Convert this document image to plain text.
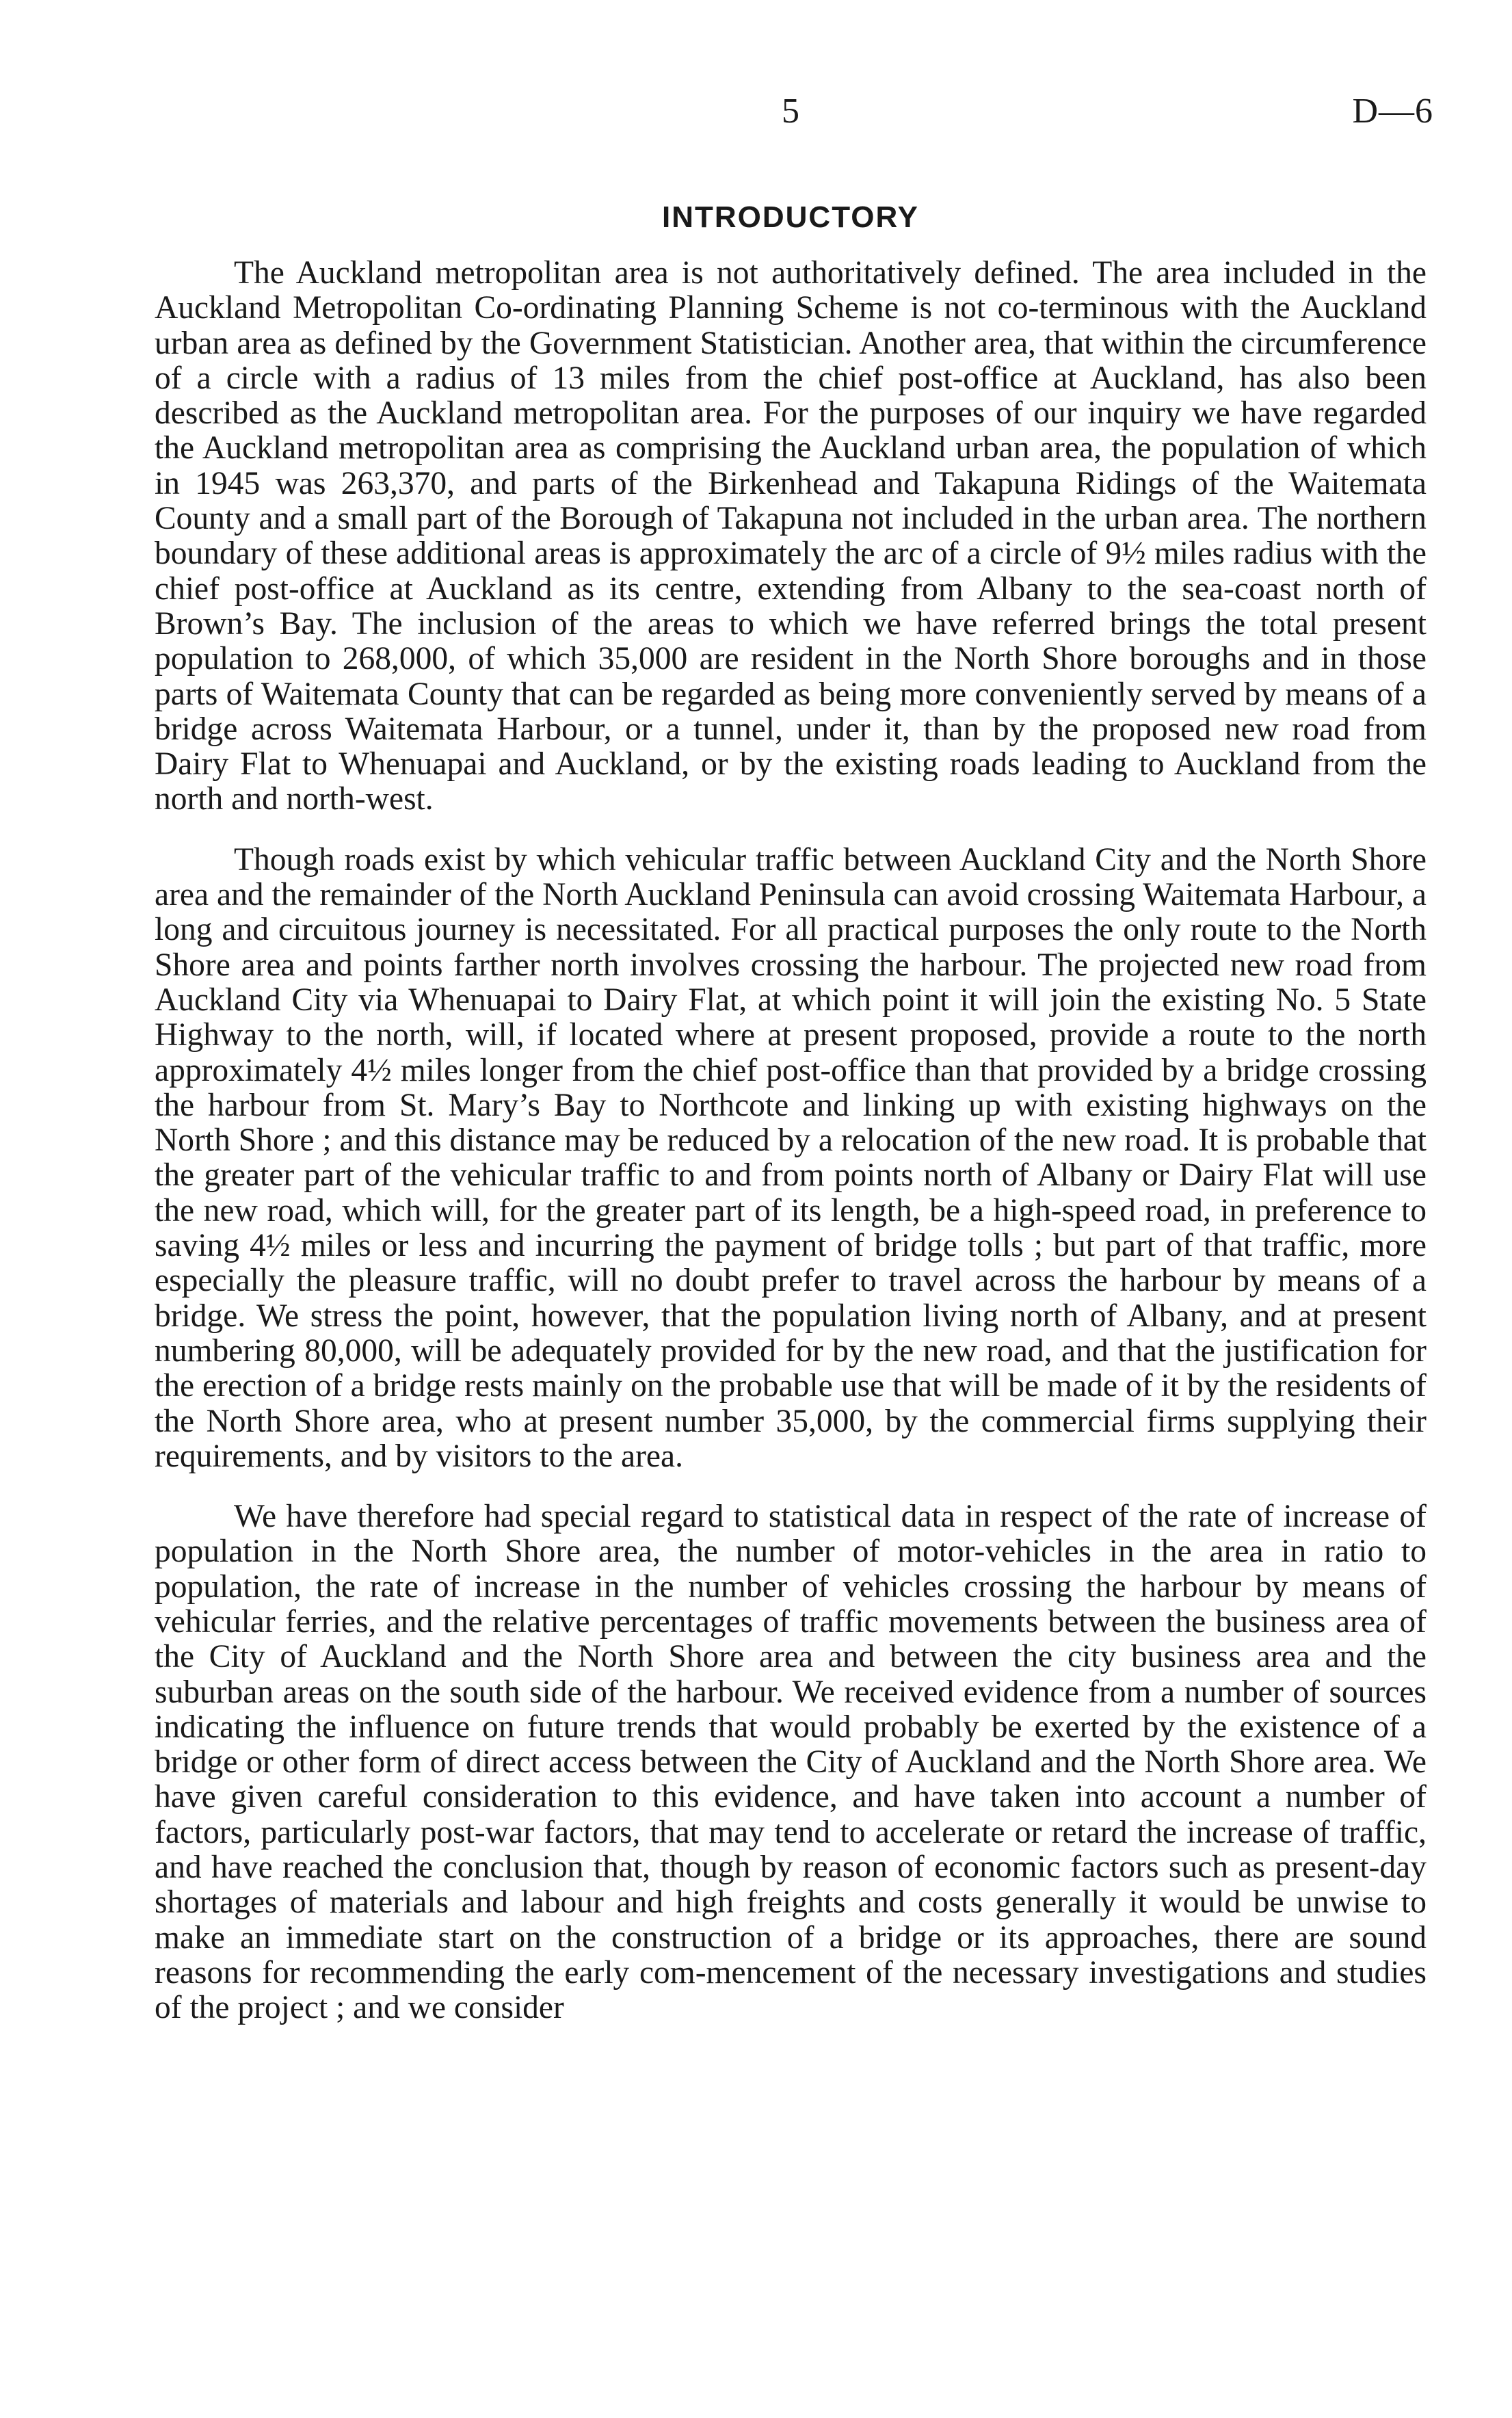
5	D—6
INTRODUCTORY

The Auckland metropolitan area is not authoritatively defined. The area included in the Auckland Metropolitan Co-ordinating Planning Scheme is not co-terminous with the Auckland urban area as defined by the Government Statistician. Another area, that within the circumference of a circle with a radius of 13 miles from the chief post-office at Auckland, has also been described as the Auckland metropolitan area. For the purposes of our inquiry we have regarded the Auckland metropolitan area as comprising the Auckland urban area, the population of which in 1945 was 263,370, and parts of the Birkenhead and Takapuna Ridings of the Waitemata County and a small part of the Borough of Takapuna not included in the urban area. The northern boundary of these additional areas is approximately the arc of a circle of 9½ miles radius with the chief post-office at Auckland as its centre, extending from Albany to the sea-coast north of Brown’s Bay. The inclusion of the areas to which we have referred brings the total present population to 268,000, of which 35,000 are resident in the North Shore boroughs and in those parts of Waitemata County that can be regarded as being more conveniently served by means of a bridge across Waitemata Harbour, or a tunnel, under it, than by the proposed new road from Dairy Flat to Whenuapai and Auckland, or by the existing roads leading to Auckland from the north and north-west.

Though roads exist by which vehicular traffic between Auckland City and the North Shore area and the remainder of the North Auckland Peninsula can avoid crossing Waitemata Harbour, a long and circuitous journey is necessitated. For all practical purposes the only route to the North Shore area and points farther north involves crossing the harbour. The projected new road from Auckland City via Whenuapai to Dairy Flat, at which point it will join the existing No. 5 State Highway to the north, will, if located where at present proposed, provide a route to the north approximately 4½ miles longer from the chief post-office than that provided by a bridge crossing the harbour from St. Mary’s Bay to Northcote and linking up with existing highways on the North Shore ; and this distance may be reduced by a relocation of the new road. It is probable that the greater part of the vehicular traffic to and from points north of Albany or Dairy Flat will use the new road, which will, for the greater part of its length, be a high-speed road, in preference to saving 4½ miles or less and incurring the payment of bridge tolls ; but part of that traffic, more especially the pleasure traffic, will no doubt prefer to travel across the harbour by means of a bridge. We stress the point, however, that the population living north of Albany, and at present numbering 80,000, will be adequately provided for by the new road, and that the justification for the erection of a bridge rests mainly on the probable use that will be made of it by the residents of the North Shore area, who at present number 35,000, by the commercial firms supplying their requirements, and by visitors to the area.

We have therefore had special regard to statistical data in respect of the rate of increase of population in the North Shore area, the number of motor-vehicles in the area in ratio to population, the rate of increase in the number of vehicles crossing the harbour by means of vehicular ferries, and the relative percentages of traffic movements between the business area of the City of Auckland and the North Shore area and between the city business area and the suburban areas on the south side of the harbour. We received evidence from a number of sources indicating the influence on future trends that would probably be exerted by the existence of a bridge or other form of direct access between the City of Auckland and the North Shore area. We have given careful consideration to this evidence, and have taken into account a number of factors, particularly post-war factors, that may tend to accelerate or retard the increase of traffic, and have reached the conclusion that, though by reason of economic factors such as present-day shortages of materials and labour and high freights and costs generally it would be unwise to make an immediate start on the construction of a bridge or its approaches, there are sound reasons for recommending the early com-mencement of the necessary investigations and studies of the project ; and we consider
